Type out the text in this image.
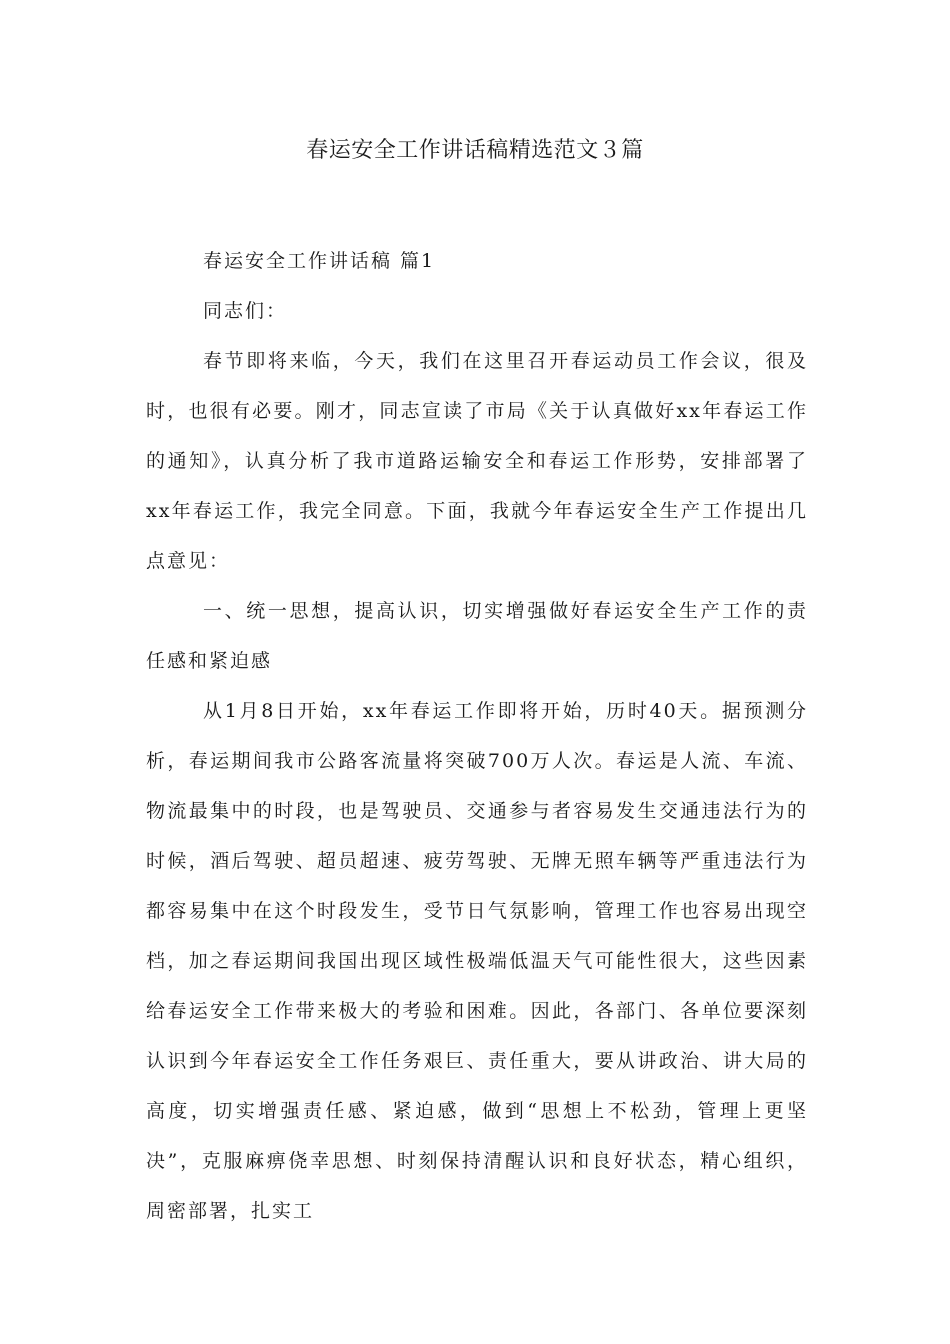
春运安全工作讲话稿精选范文３篇

春运安全工作讲话稿 篇1

同志们：

春节即将来临，今天，我们在这里召开春运动员工作会议，很及时，也很有必要。刚才，同志宣读了市局《关于认真做好xx年春运工作的通知》，认真分析了我市道路运输安全和春运工作形势，安排部署了xx年春运工作，我完全同意。下面，我就今年春运安全生产工作提出几点意见：

一、统一思想，提高认识，切实增强做好春运安全生产工作的责任感和紧迫感

从1月8日开始，xx年春运工作即将开始，历时40天。据预测分析，春运期间我市公路客流量将突破700万人次。春运是人流、车流、物流最集中的时段，也是驾驶员、交通参与者容易发生交通违法行为的时候，酒后驾驶、超员超速、疲劳驾驶、无牌无照车辆等严重违法行为都容易集中在这个时段发生，受节日气氛影响，管理工作也容易出现空档，加之春运期间我国出现区域性极端低温天气可能性很大，这些因素给春运安全工作带来极大的考验和困难。因此，各部门、各单位要深刻认识到今年春运安全工作任务艰巨、责任重大，要从讲政治、讲大局的高度，切实增强责任感、紧迫感，做到“思想上不松劲，管理上更坚决”，克服麻痹侥幸思想、时刻保持清醒认识和良好状态，精心组织，周密部署，扎实工
